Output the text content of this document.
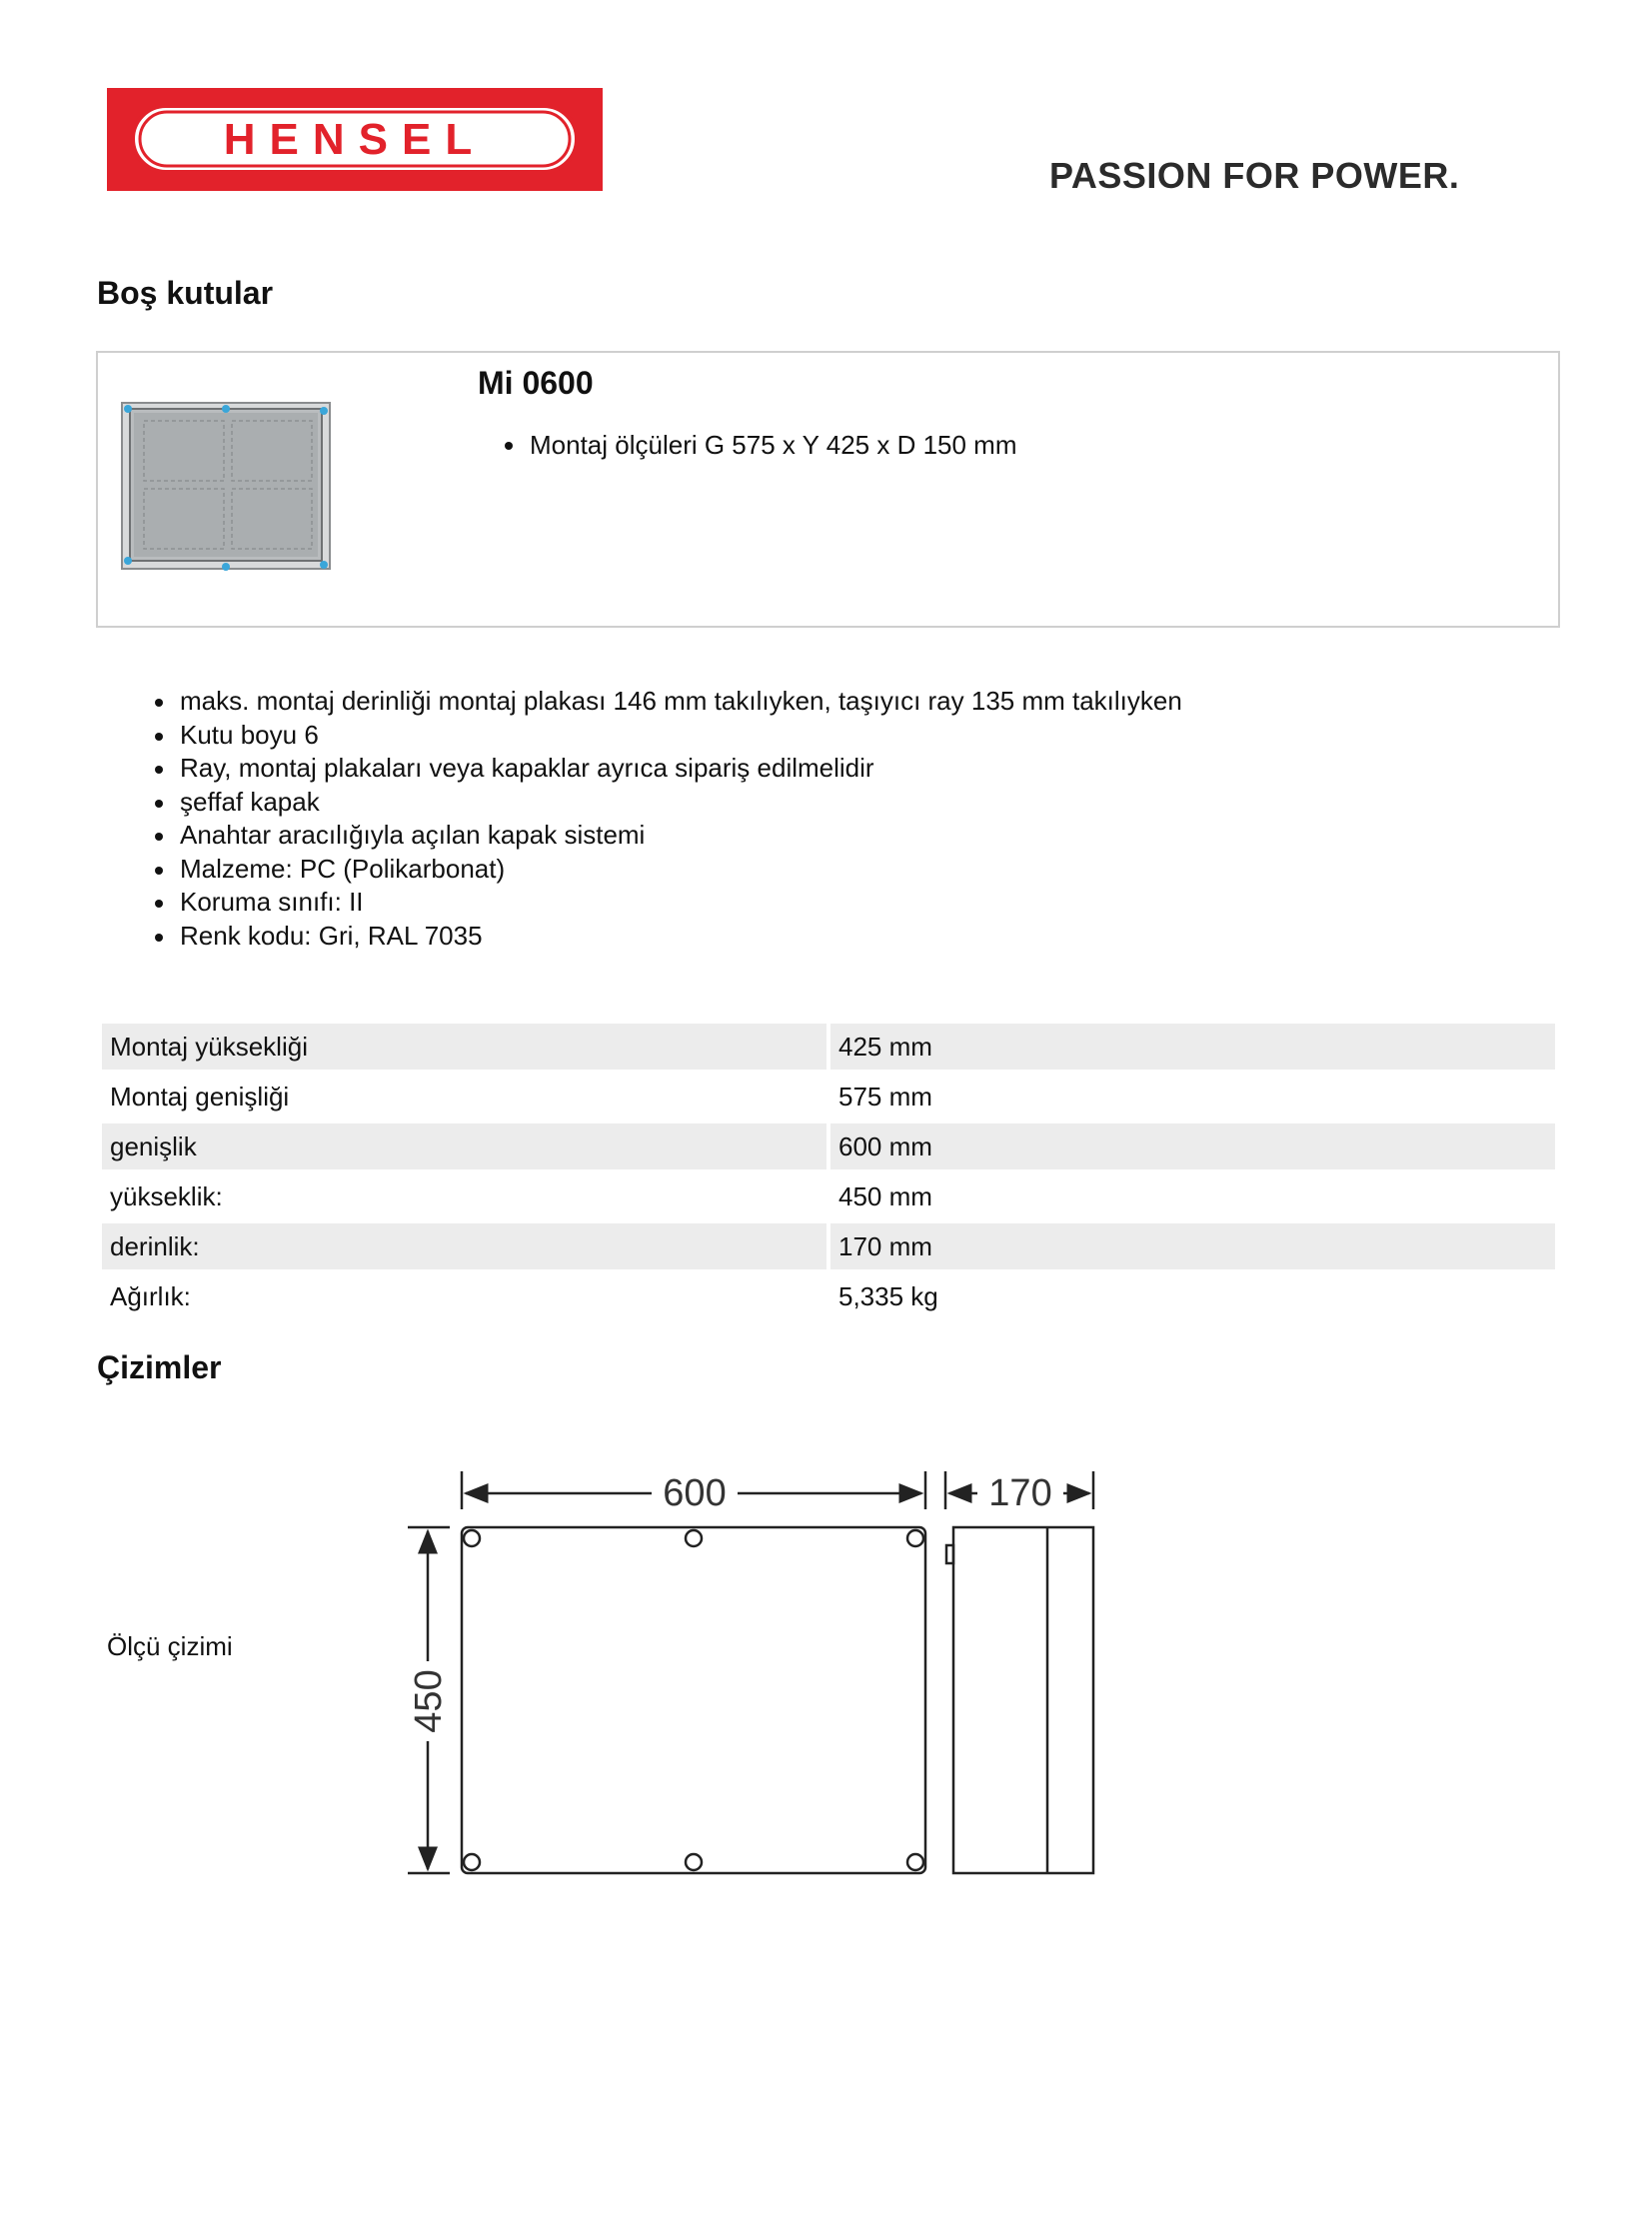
HENSEL
PASSION FOR POWER.
Boş kutular
Mi 0600
Montaj ölçüleri G 575 x Y 425 x D 150 mm
maks. montaj derinliği montaj plakası 146 mm takılıyken, taşıyıcı ray 135 mm takılıyken
Kutu boyu 6
Ray, montaj plakaları veya kapaklar ayrıca sipariş edilmelidir
şeffaf kapak
Anahtar aracılığıyla açılan kapak sistemi
Malzeme: PC (Polikarbonat)
Koruma sınıfı: II
Renk kodu: Gri, RAL 7035
Montaj yüksekliği	425 mm
Montaj genişliği	575 mm
genişlik	600 mm
yükseklik:	450 mm
derinlik:	170 mm
Ağırlık:	5,335 kg
Çizimler
Ölçü çizimi
600	170
450
